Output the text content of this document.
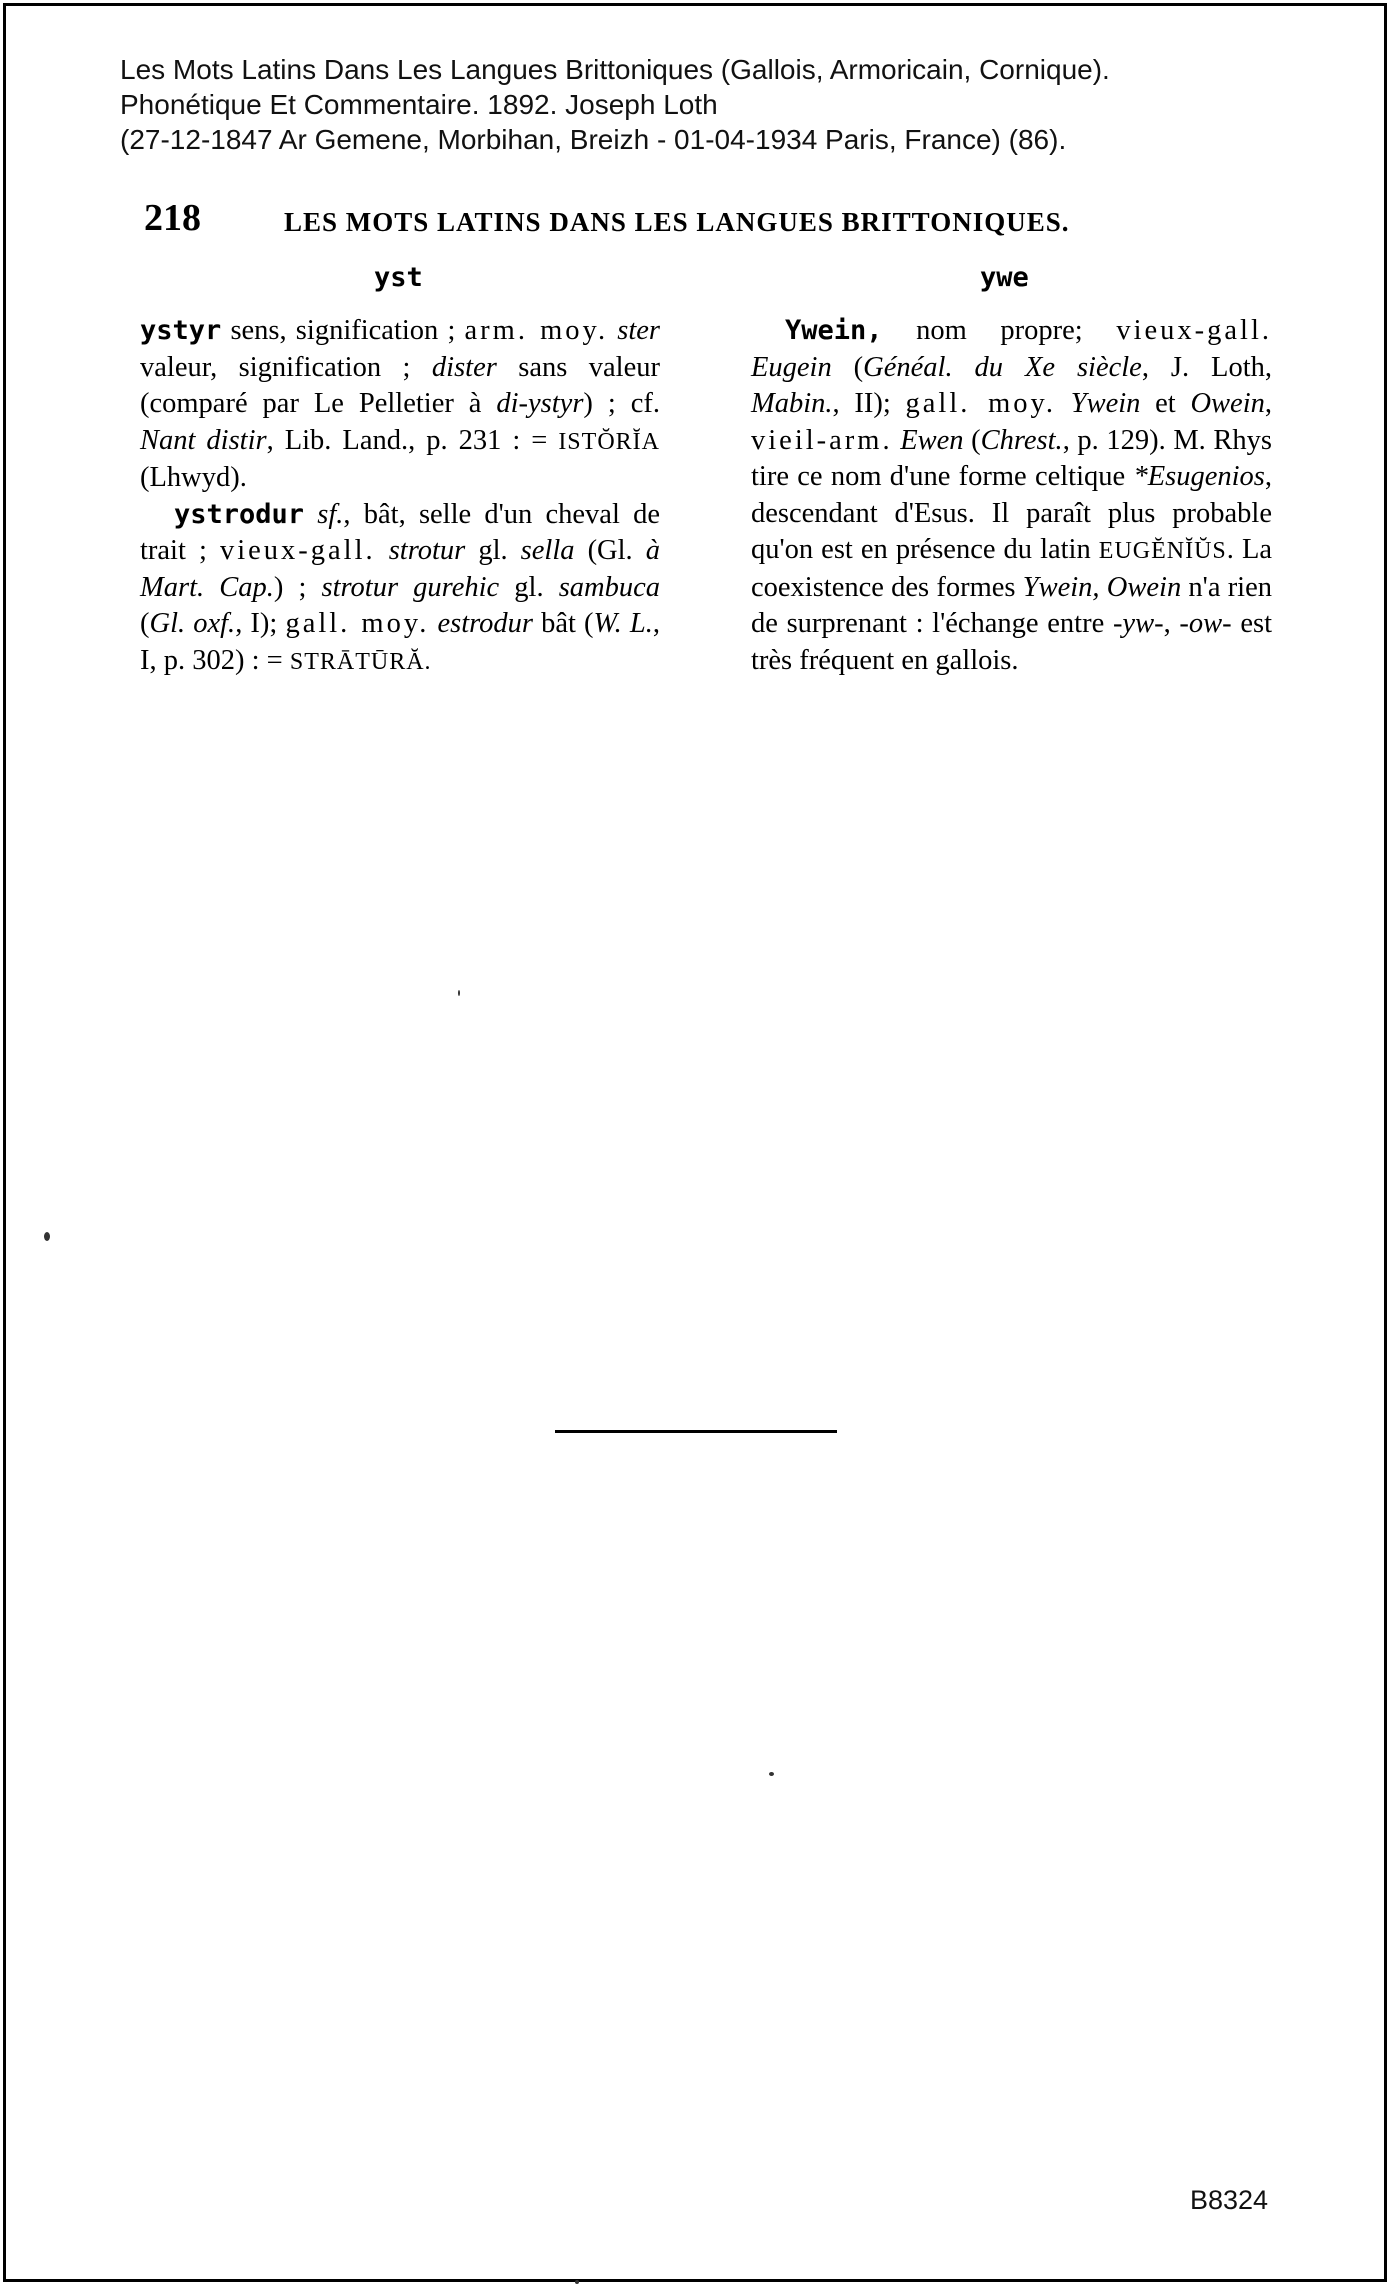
Les Mots Latins Dans Les Langues Brittoniques (Gallois, Armoricain, Cornique).
Phonétique Et Commentaire. 1892. Joseph Loth
(27-12-1847 Ar Gemene, Morbihan, Breizh - 01-04-1934 Paris, France) (86).
218	LES MOTS LATINS DANS LES LANGUES BRITTONIQUES.
yst	ywe

ystyr sens, signification ; arm. moy. ster valeur, signification ; dister sans valeur (comparé par Le Pelletier à di-ystyr) ; cf. Nant distir, Lib. Land., p. 231 : = ISTŎRĬA (Lhwyd).

ystrodur sf., bât, selle d'un cheval de trait ; vieux-gall. strotur gl. sella (Gl. à Mart. Cap.) ; strotur gurehic gl. sambuca (Gl. oxf., I); gall. moy. estrodur bât (W. L., I, p. 302) : = STRĀTŪRĂ.

Ywein, nom propre; vieux-gall. Eugein (Généal. du Xe siècle, J. Loth, Mabin., II); gall. moy. Ywein et Owein, vieil-arm. Ewen (Chrest., p. 129). M. Rhys tire ce nom d'une forme celtique *Esugenios, descendant d'Esus. Il paraît plus probable qu'on est en présence du latin EUGĔNĬŬS. La coexistence des formes Ywein, Owein n'a rien de surprenant : l'échange entre -yw-, -ow- est très fréquent en gallois.

B8324
